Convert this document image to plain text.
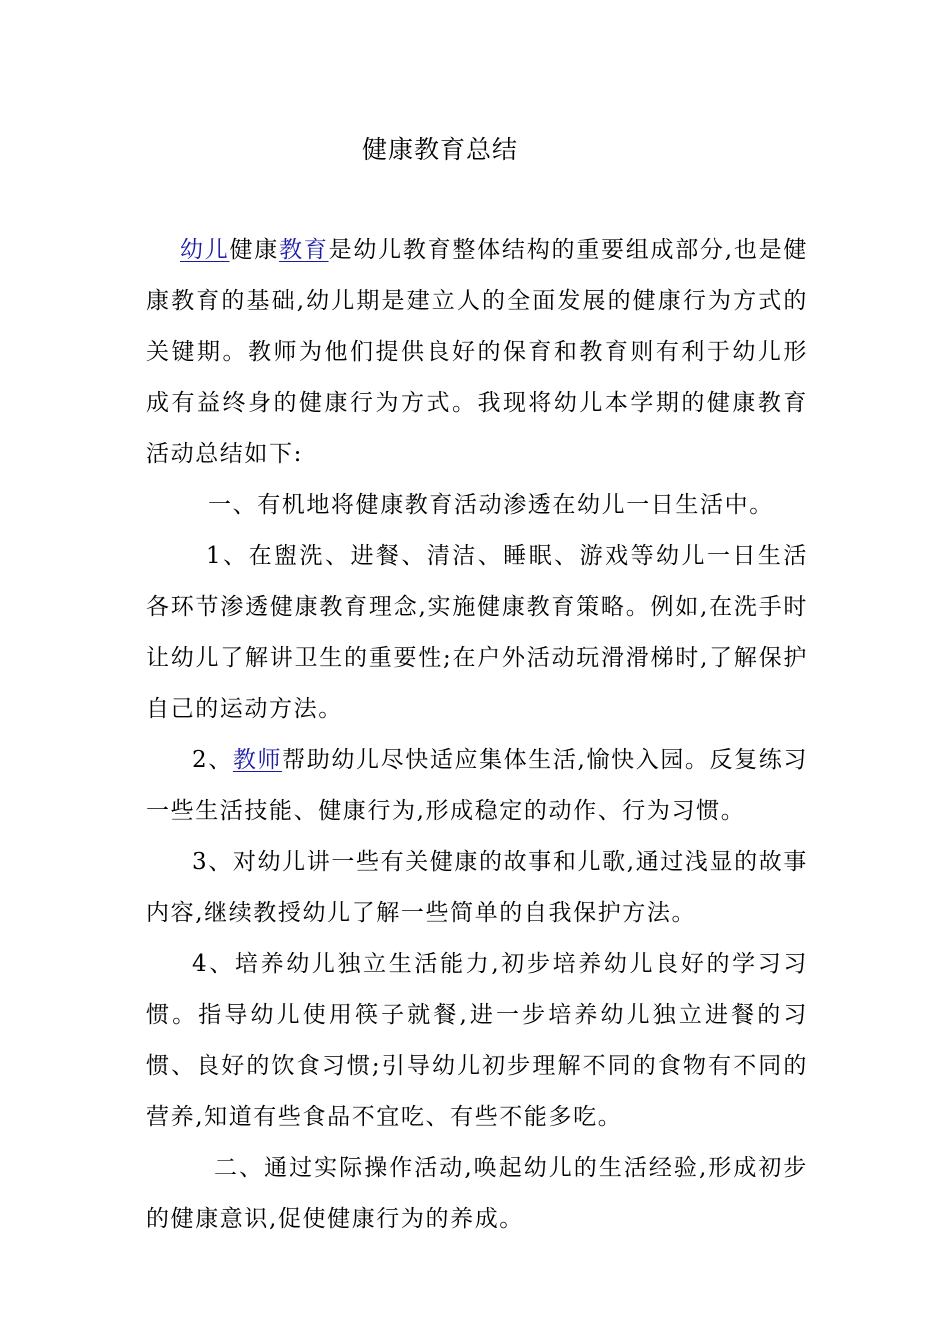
健康教育总结

幼儿健康教育是幼儿教育整体结构的重要组成部分,也是健康教育的基础,幼儿期是建立人的全面发展的健康行为方式的关键期。教师为他们提供良好的保育和教育则有利于幼儿形成有益终身的健康行为方式。我现将幼儿本学期的健康教育活动总结如下:

一、有机地将健康教育活动渗透在幼儿一日生活中。

1、在盥洗、进餐、清洁、睡眠、游戏等幼儿一日生活各环节渗透健康教育理念,实施健康教育策略。例如,在洗手时让幼儿了解讲卫生的重要性;在户外活动玩滑滑梯时,了解保护自己的运动方法。

2、教师帮助幼儿尽快适应集体生活,愉快入园。反复练习一些生活技能、健康行为,形成稳定的动作、行为习惯。

3、对幼儿讲一些有关健康的故事和儿歌,通过浅显的故事内容,继续教授幼儿了解一些简单的自我保护方法。

4、培养幼儿独立生活能力,初步培养幼儿良好的学习习惯。指导幼儿使用筷子就餐,进一步培养幼儿独立进餐的习惯、良好的饮食习惯;引导幼儿初步理解不同的食物有不同的营养,知道有些食品不宜吃、有些不能多吃。

二、通过实际操作活动,唤起幼儿的生活经验,形成初步的健康意识,促使健康行为的养成。
